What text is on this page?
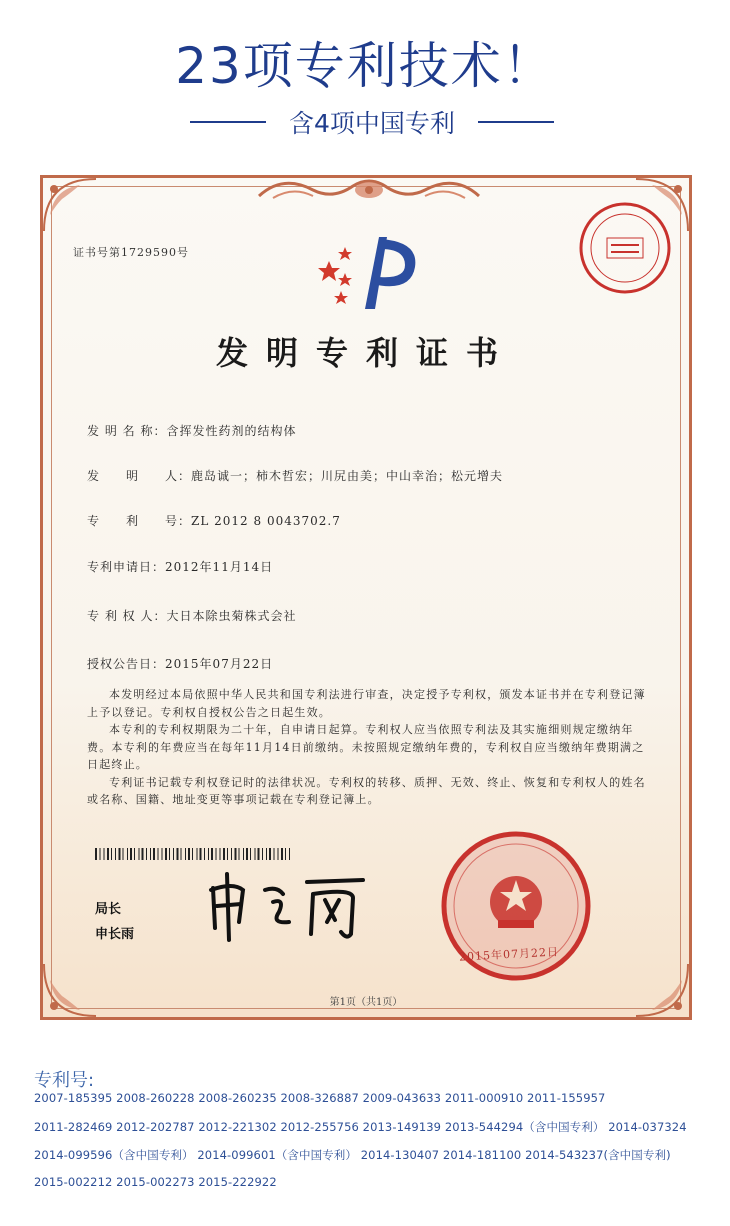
23项专利技术！
含4项中国专利
证书号第1729590号
发明专利证书
发 明 名 称：含挥发性药剂的结构体
发　　明　　人：鹿岛诚一；柿木哲宏；川尻由美；中山幸治；松元增夫
专　　利　　号：ZL 2012 8 0043702.7
专利申请日：2012年11月14日
专 利 权 人：大日本除虫菊株式会社
授权公告日：2015年07月22日

本发明经过本局依照中华人民共和国专利法进行审查，决定授予专利权，颁发本证书并在专利登记簿上予以登记。专利权自授权公告之日起生效。

本专利的专利权期限为二十年，自申请日起算。专利权人应当依照专利法及其实施细则规定缴纳年费。本专利的年费应当在每年11月14日前缴纳。未按照规定缴纳年费的，专利权自应当缴纳年费期满之日起终止。

专利证书记载专利权登记时的法律状况。专利权的转移、质押、无效、终止、恢复和专利权人的姓名或名称、国籍、地址变更等事项记载在专利登记簿上。

局长
申长雨
2015年07月22日
第1页（共1页）
专利号:
2007-185395 2008-260228 2008-260235 2008-326887 2009-043633 2011-000910 2011-155957
2011-282469 2012-202787 2012-221302 2012-255756 2013-149139 2013-544294（含中国专利） 2014-037324
2014-099596（含中国专利） 2014-099601（含中国专利） 2014-130407 2014-181100 2014-543237(含中国专利)
2015-002212 2015-002273 2015-222922
